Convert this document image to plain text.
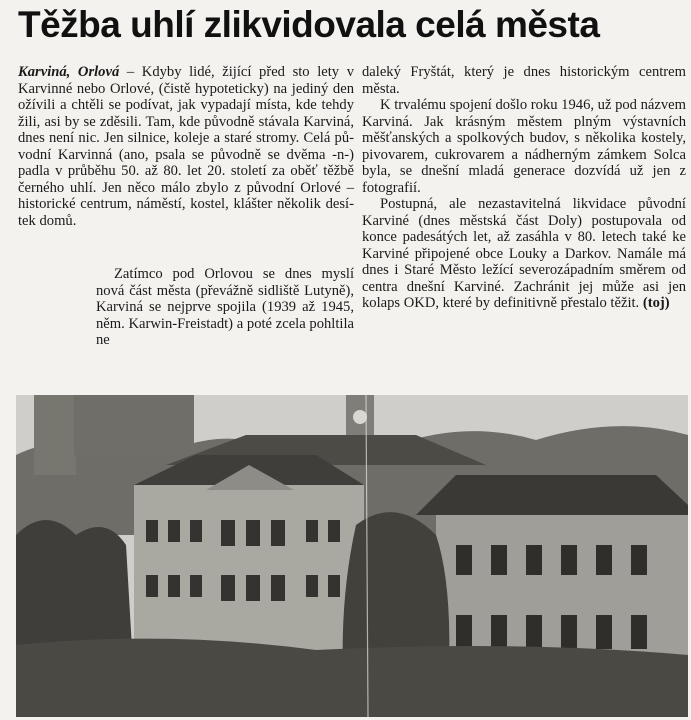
Těžba uhlí zlikvidovala celá města

Karviná, Orlová – Kdyby lidé, žijící před sto lety v Karvinné nebo Orlové, (čistě hypoteticky) na jediný den ožívili a chtěli se podívat, jak vypadají místa, kde tehdy žili, asi by se zděsili. Tam, kde původně stávala Karviná, dnes není nic. Jen silnice, koleje a staré stromy. Celá původní Karvinná (ano, psala se původně se dvěma -n-) padla v průběhu 50. až 80. let 20. století za oběť těžbě černého uhlí. Jen něco málo zbylo z původní Orlové – historické centrum, náměstí, kostel, klášter několik desítek domů.

Zatímco pod Orlovou se dnes myslí nová část města (převážně sidliště Lutyně), Karviná se nejprve spojila (1939 až 1945, něm. Karwin-Freistadt) a poté zcela pohltila ne

daleký Fryštát, který je dnes historickým centrem města.

K trvalému spojení došlo roku 1946, už pod názvem Karviná. Jak krásným městem plným výstavních měšťanských a spolkových budov, s několika kostely, pivovarem, cukrovarem a nádherným zámkem Solca byla, se dnešní mladá generace dozvídá už jen z fotografií.

Postupná, ale nezastavitelná likvidace původní Karviné (dnes městská část Doly) postupovala od konce padesátých let, až zasáhla v 80. letech také ke Karviné připojené obce Louky a Darkov. Namále má dnes i Staré Město ležící severozápadním směrem od centra dnešní Karviné. Zachránit jej může asi jen kolaps OKD, které by definitivně přestalo těžit. (toj)
